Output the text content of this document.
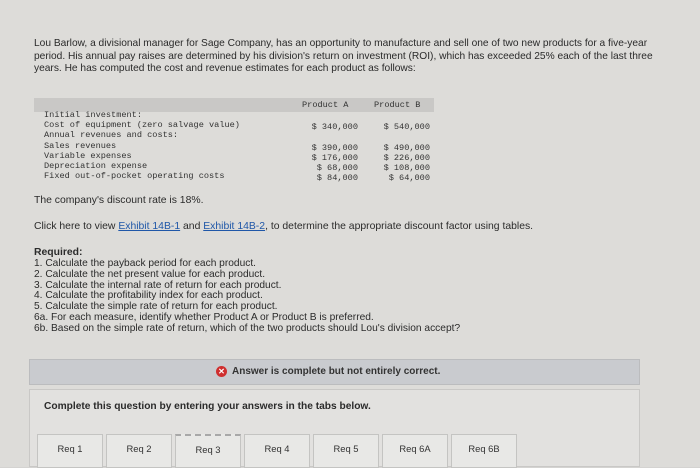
Lou Barlow, a divisional manager for Sage Company, has an opportunity to manufacture and sell one of two new products for a five-year period. His annual pay raises are determined by his division's return on investment (ROI), which has exceeded 25% each of the last three years. He has computed the cost and revenue estimates for each product as follows:
Product A	Product B
Initial investment:
Cost of equipment (zero salvage value)	$ 340,000	$ 540,000
Annual revenues and costs:
Sales revenues	$ 390,000	$ 490,000
Variable expenses	$ 176,000	$ 226,000
Depreciation expense	$ 68,000	$ 108,000
Fixed out-of-pocket operating costs	$ 84,000	$ 64,000
The company's discount rate is 18%.
Click here to view Exhibit 14B-1 and Exhibit 14B-2, to determine the appropriate discount factor using tables.
Required:
1. Calculate the payback period for each product.
2. Calculate the net present value for each product.
3. Calculate the internal rate of return for each product.
4. Calculate the profitability index for each product.
5. Calculate the simple rate of return for each product.
6a. For each measure, identify whether Product A or Product B is preferred.
6b. Based on the simple rate of return, which of the two products should Lou's division accept?
✕ Answer is complete but not entirely correct.
Complete this question by entering your answers in the tabs below.
Req 1	Req 2	Req 3	Req 4	Req 5	Req 6A	Req 6B
